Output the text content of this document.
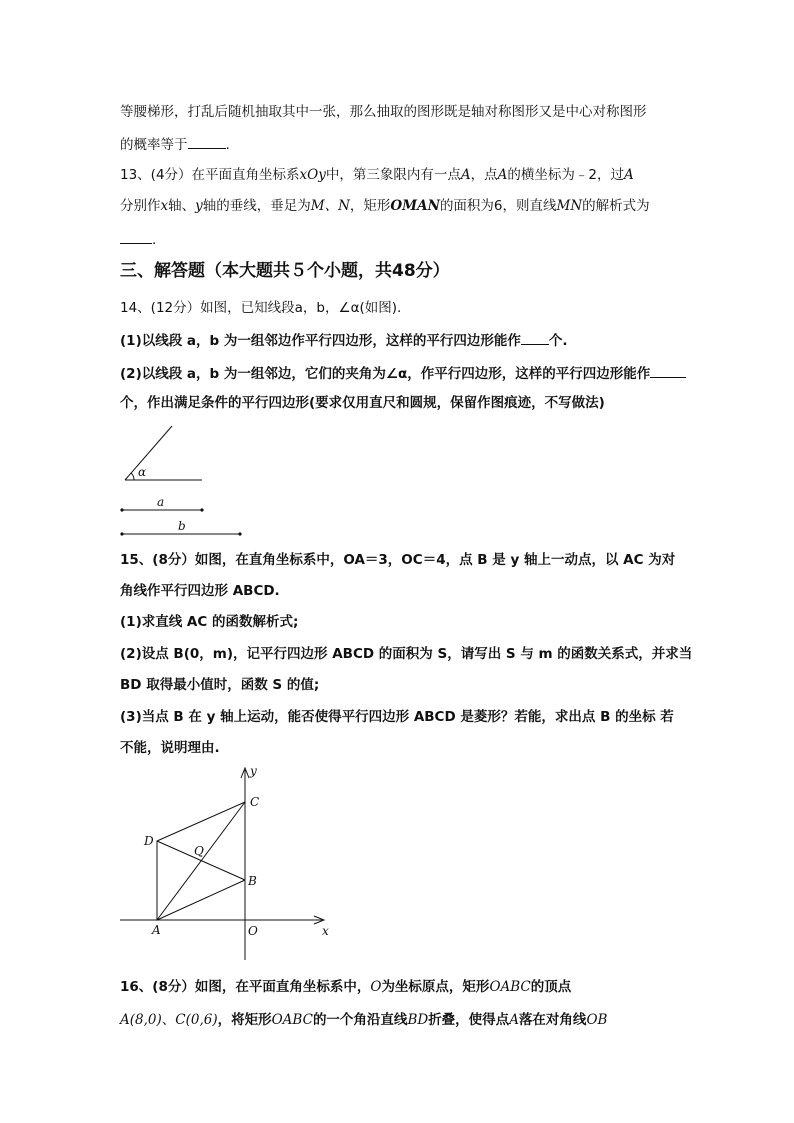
等腰梯形，打乱后随机抽取其中一张，那么抽取的图形既是轴对称图形又是中心对称图形
的概率等于	.
13、(4分）在平面直角坐标系xOy中，第三象限内有一点A，点A的横坐标为﹣2，过A
分别作x轴、y轴的垂线，垂足为M、N，矩形OMAN的面积为6，则直线MN的解析式为
.
三、解答题（本大题共５个小题，共48分）
14、(12分）如图，已知线段a，b，∠α(如图).
(1)以线段 a，b 为一组邻边作平行四边形，这样的平行四边形能作 个.
(2)以线段 a，b 为一组邻边，它们的夹角为∠α，作平行四边形，这样的平行四边形能作
个，作出满足条件的平行四边形(要求仅用直尺和圆规，保留作图痕迹，不写做法)
α
a
b
15、(8分）如图，在直角坐标系中，OA＝3，OC＝4，点 B 是 y 轴上一动点，以 AC 为对
角线作平行四边形 ABCD.
(1)求直线 AC 的函数解析式;
(2)设点 B(0，m)，记平行四边形 ABCD 的面积为 S，请写出 S 与 m 的函数关系式，并求当
BD 取得最小值时，函数 S 的值;
(3)当点 B 在 y 轴上运动，能否使得平行四边形 ABCD 是菱形？若能，求出点 B 的坐标 若
不能，说明理由.
y
x
C
D
Q
B
A	O
16、(8分）如图，在平面直角坐标系中，O为坐标原点，矩形OABC的顶点
A(8,0)、C(0,6)，将矩形OABC的一个角沿直线BD折叠，使得点A落在对角线OB
